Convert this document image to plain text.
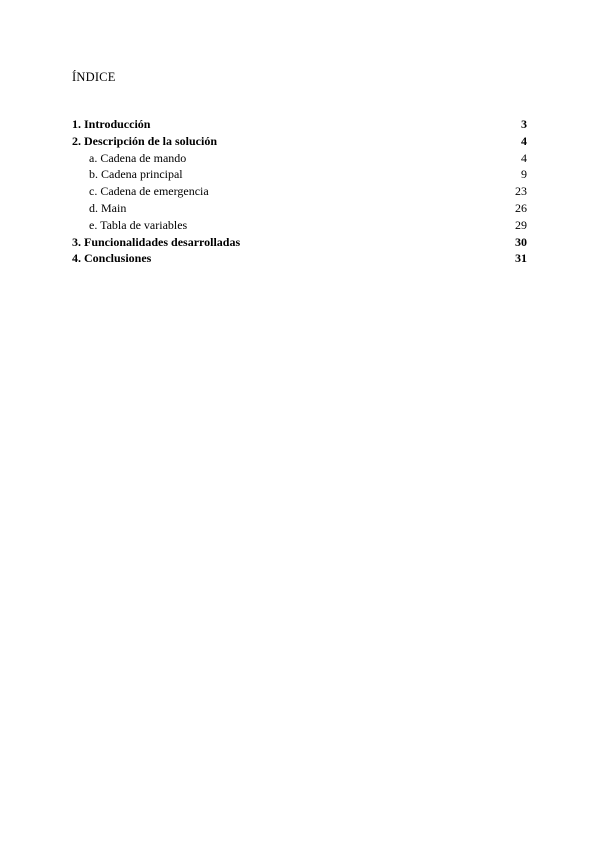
ÍNDICE
1. Introducción	3
2. Descripción de la solución	4
a. Cadena de mando	4
b. Cadena principal	9
c. Cadena de emergencia	23
d. Main	26
e. Tabla de variables	29
3. Funcionalidades desarrolladas	30
4. Conclusiones	31
